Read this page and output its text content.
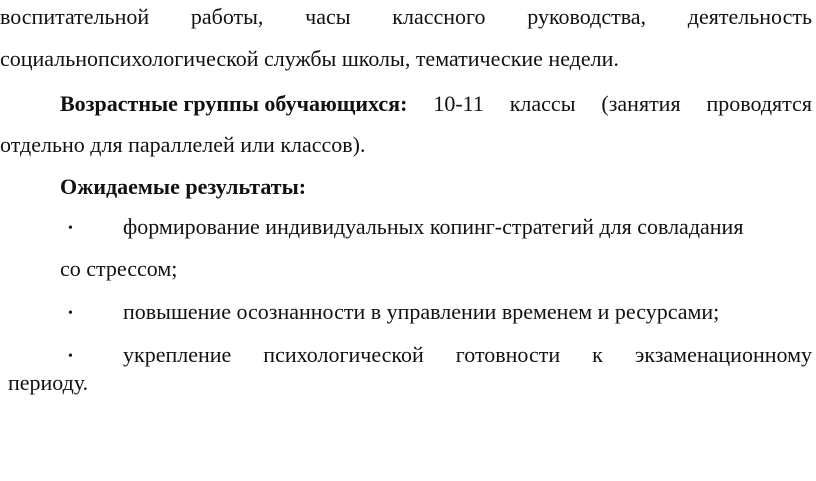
воспитательной работы, часы классного руководства, деятельность
социальнопсихологической службы школы, тематические недели.
Возрастные группы обучающихся: 10-11 классы (занятия проводятся
отдельно для параллелей или классов).
Ожидаемые результаты:
• формирование индивидуальных копинг-стратегий для совладания
со стрессом;
• повышение осознанности в управлении временем и ресурсами;
• укрепление психологической готовности к экзаменационному
периоду.
